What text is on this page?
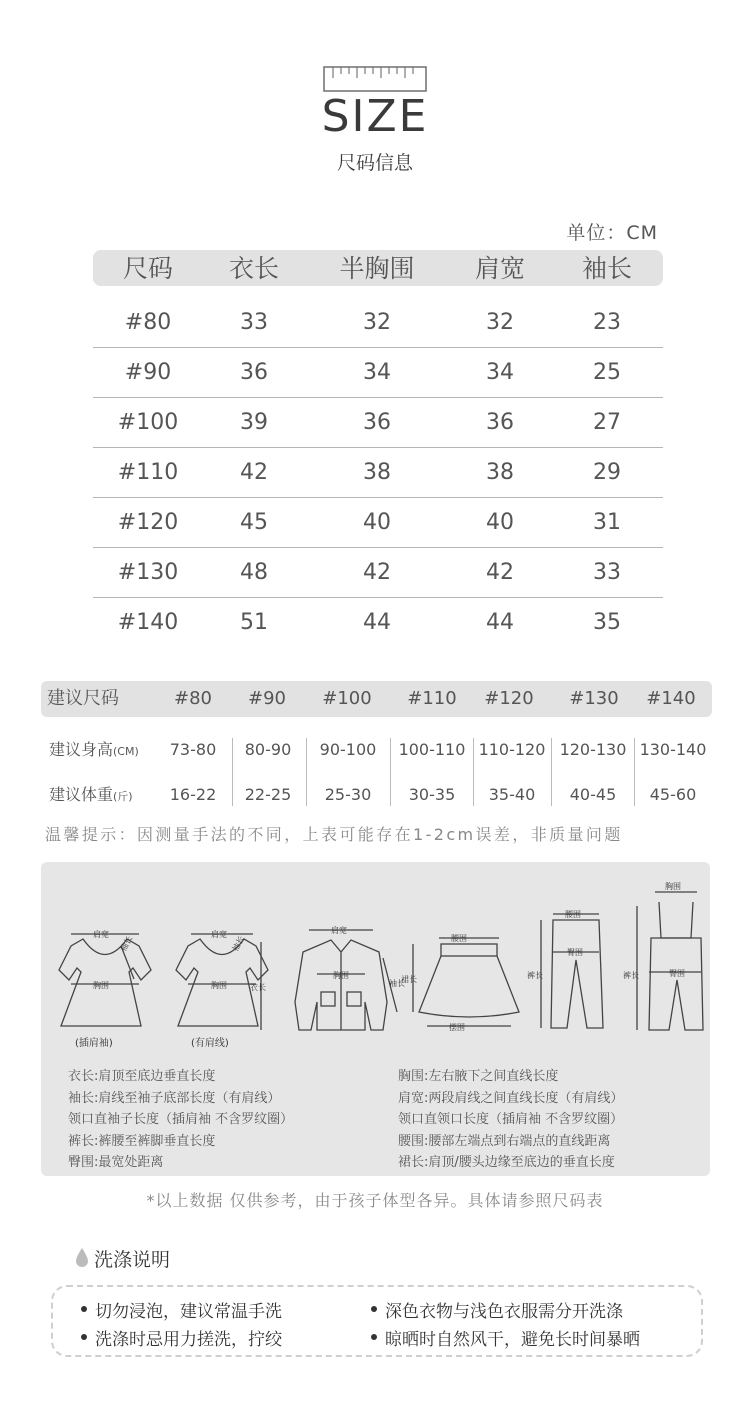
SIZE
尺码信息
单位：CM
尺码	衣长	半胸围	肩宽	袖长
#80	33	32	32	23
#90	36	34	34	25
#100	39	36	36	27
#110	42	38	38	29
#120	45	40	40	31
#130	48	42	42	33
#140	51	44	44	35
建议尺码	#80	#90	#100	#110	#120	#130	#140
建议身高(CM)	73-80	80-90	90-100	100-110 110-120 120-130 130-140
建议体重(斤)	16-22	22-25	25-30	30-35	35-40	40-45	45-60
温馨提示：因测量手法的不同，上表可能存在1-2cm误差，非质量问题
肩宽
胸围
袖长
(插肩袖)
肩宽
胸围
袖长
(有肩线)
肩宽
胸围
衣长	袖长
腰围
摆围
裙长
腰围
臀围
裤长
胸围
臀围
裤长
衣长:肩顶至底边垂直长度
袖长:肩线至袖子底部长度（有肩线）
领口直袖子长度（插肩袖 不含罗纹圈）
裤长:裤腰至裤脚垂直长度
臀围:最宽处距离
胸围:左右腋下之间直线长度
肩宽:两段肩线之间直线长度（有肩线）
领口直领口长度（插肩袖 不含罗纹圈）
腰围:腰部左端点到右端点的直线距离
裙长:肩顶/腰头边缘至底边的垂直长度
*以上数据 仅供参考，由于孩子体型各异。具体请参照尺码表
洗涤说明
切勿浸泡，建议常温手洗	深色衣物与浅色衣服需分开洗涤
洗涤时忌用力搓洗，拧绞	晾晒时自然风干，避免长时间暴晒
